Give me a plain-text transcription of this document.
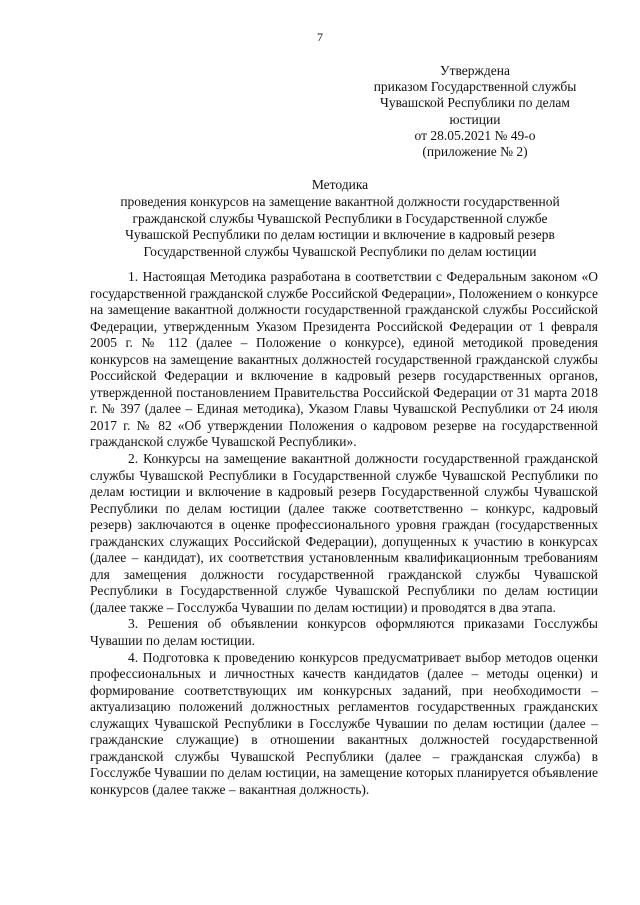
7
Утверждена
приказом Государственной службы
Чувашской Республики по делам
юстиции
от 28.05.2021 № 49-о
(приложение № 2)
Методика
проведения конкурсов на замещение вакантной должности государственной
гражданской службы Чувашской Республики в Государственной службе
Чувашской Республики по делам юстиции и включение в кадровый резерв
Государственной службы Чувашской Республики по делам юстиции

1. Настоящая Методика разработана в соответствии с Федеральным законом «О государственной гражданской службе Российской Федерации», Положением о конкурсе на замещение вакантной должности государственной гражданской службы Российской Федерации, утвержденным Указом Президента Российской Федерации от 1 февраля 2005 г. № 112 (далее – Положение о конкурсе), единой методикой проведения конкурсов на замещение вакантных должностей государственной гражданской службы Российской Федерации и включение в кадровый резерв государственных органов, утвержденной постановлением Правительства Российской Федерации от 31 марта 2018 г. № 397 (далее – Единая методика), Указом Главы Чувашской Республики от 24 июля 2017 г. № 82 «Об утверждении Положения о кадровом резерве на государственной гражданской службе Чувашской Республики».

2. Конкурсы на замещение вакантной должности государственной гражданской службы Чувашской Республики в Государственной службе Чувашской Республики по делам юстиции и включение в кадровый резерв Государственной службы Чувашской Республики по делам юстиции (далее также соответственно – конкурс, кадровый резерв) заключаются в оценке профессионального уровня граждан (государственных гражданских служащих Российской Федерации), допущенных к участию в конкурсах (далее – кандидат), их соответствия установленным квалификационным требованиям для замещения должности государственной гражданской службы Чувашской Республики в Государственной службе Чувашской Республики по делам юстиции (далее также – Госслужба Чувашии по делам юстиции) и проводятся в два этапа.

3. Решения об объявлении конкурсов оформляются приказами Госслужбы Чувашии по делам юстиции.

4. Подготовка к проведению конкурсов предусматривает выбор методов оценки профессиональных и личностных качеств кандидатов (далее – методы оценки) и формирование соответствующих им конкурсных заданий, при необходимости – актуализацию положений должностных регламентов государственных гражданских служащих Чувашской Республики в Госслужбе Чувашии по делам юстиции (далее – гражданские служащие) в отношении вакантных должностей государственной гражданской службы Чувашской Республики (далее – гражданская служба) в Госслужбе Чувашии по делам юстиции, на замещение которых планируется объявление конкурсов (далее также – вакантная должность).
